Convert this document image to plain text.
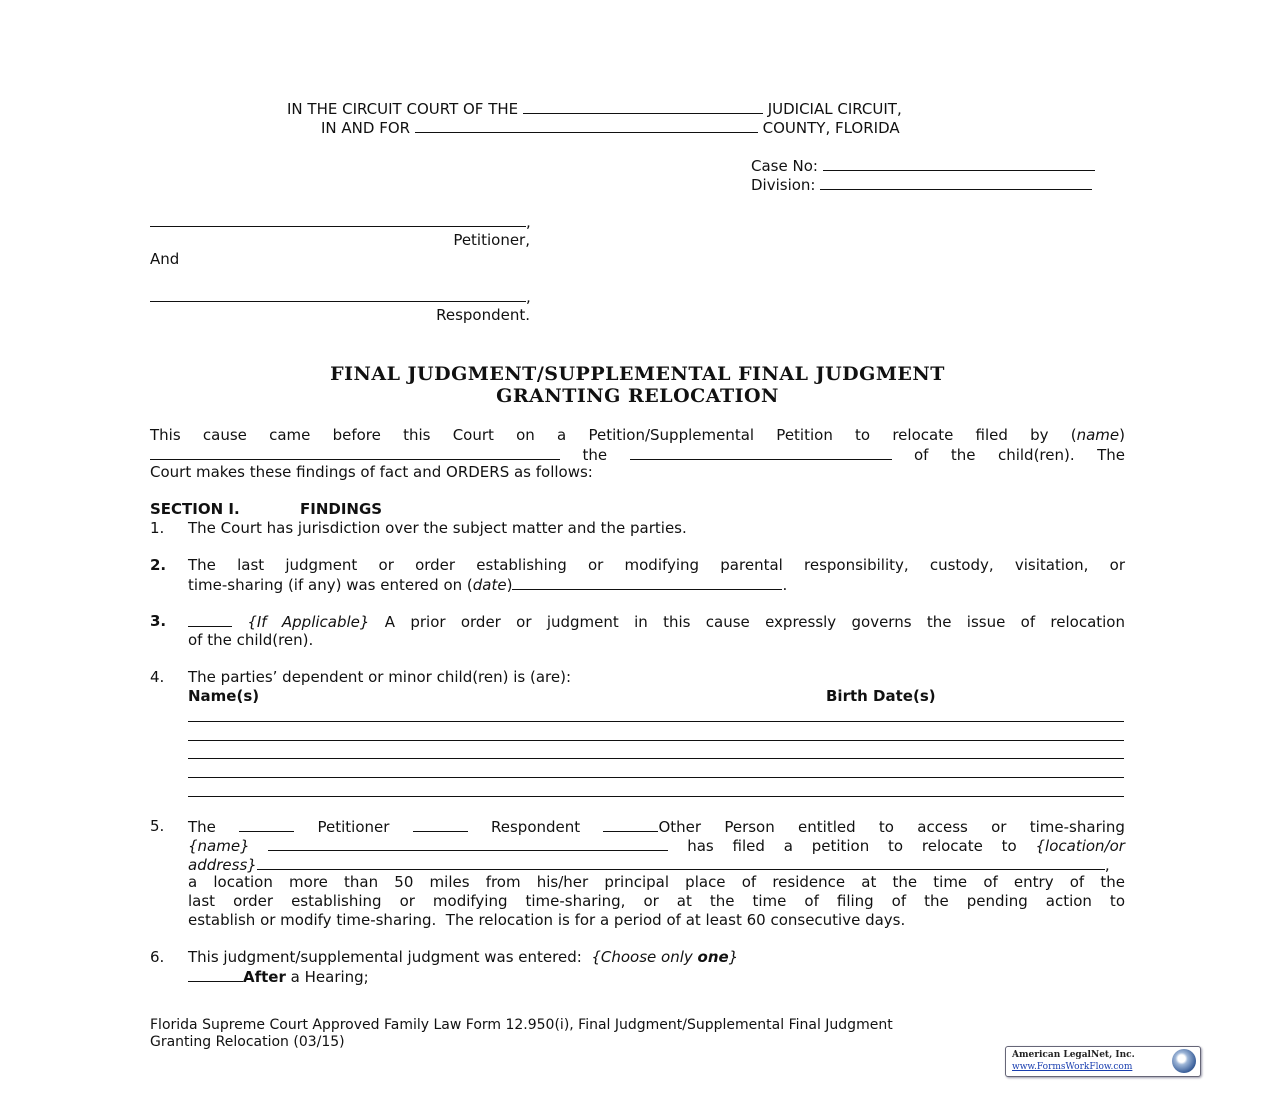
IN THE CIRCUIT COURT OF THE	JUDICIAL CIRCUIT,
IN AND FOR	COUNTY, FLORIDA
Case No:
Division:
,
Petitioner,
And
,
Respondent.
FINAL JUDGMENT/SUPPLEMENTAL FINAL JUDGMENT
GRANTING RELOCATION
This cause came before this Court on a Petition/Supplemental Petition to relocate filed by (name)
the	of the child(ren). The
Court makes these findings of fact and ORDERS as follows:
SECTION I.	FINDINGS
1. The Court has jurisdiction over the subject matter and the parties.
2. The last judgment or order establishing or modifying parental responsibility, custody, visitation, or
time-sharing (if any) was entered on (date)	.
3.	{If Applicable} A prior order or judgment in this cause expressly governs the issue of relocation
of the child(ren).
4. The parties’ dependent or minor child(ren) is (are):
Name(s)	Birth Date(s)
5. The	Petitioner	Respondent	Other Person entitled to access or time-sharing
{name}	has filed a petition to relocate to {location/or
address}	,
a location more than 50 miles from his/her principal place of residence at the time of entry of the
last order establishing or modifying time-sharing, or at the time of filing of the pending action to
establish or modify time-sharing.  The relocation is for a period of at least 60 consecutive days.
6. This judgment/supplemental judgment was entered:  {Choose only one}
After a Hearing;
Florida Supreme Court Approved Family Law Form 12.950(i), Final Judgment/Supplemental Final Judgment
Granting Relocation (03/15)
American LegalNet, Inc.
www.FormsWorkFlow.com
